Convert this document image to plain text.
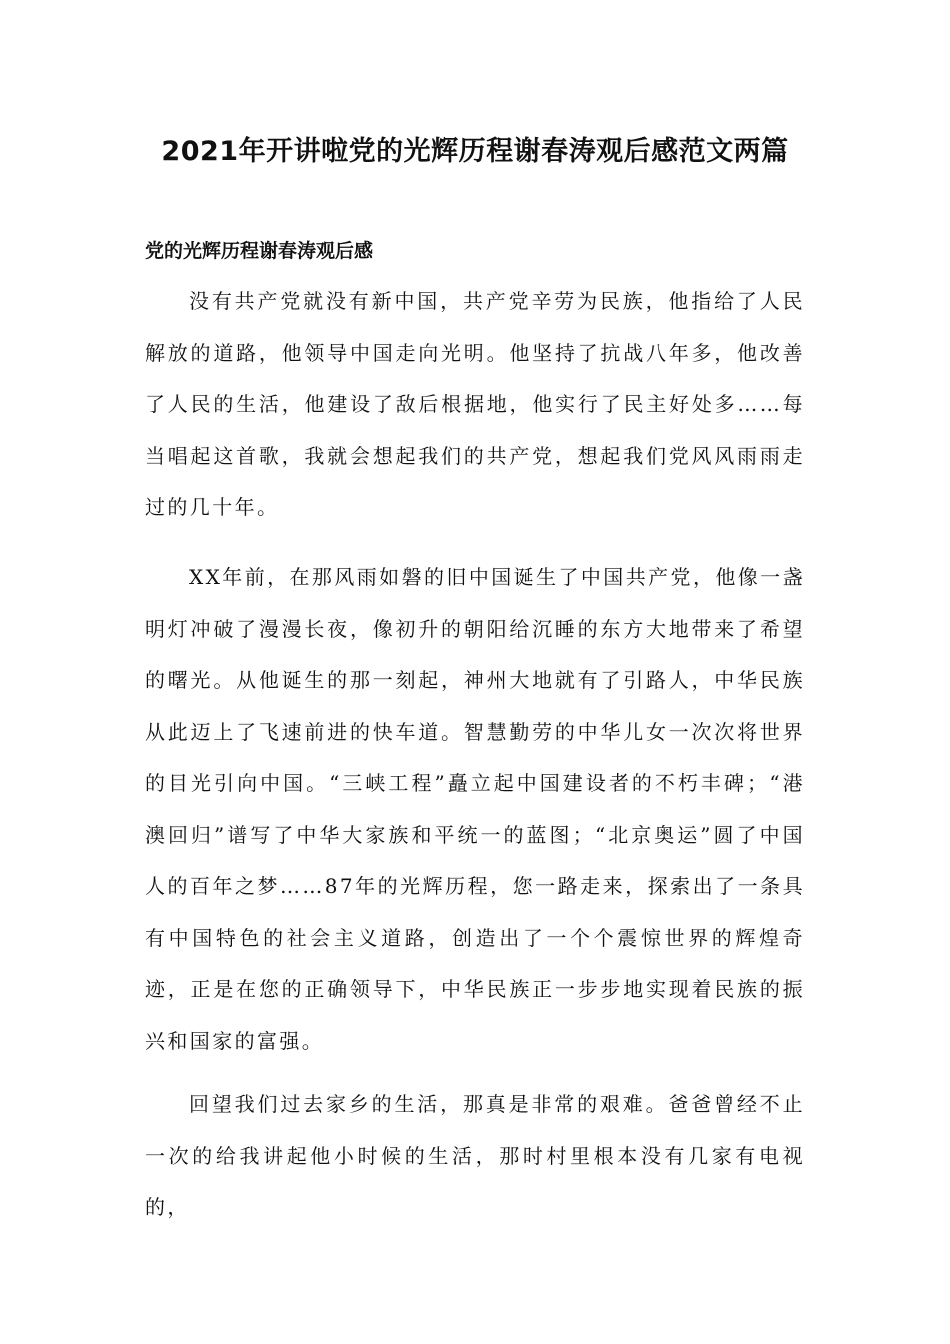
2021年开讲啦党的光辉历程谢春涛观后感范文两篇
党的光辉历程谢春涛观后感

没有共产党就没有新中国，共产党辛劳为民族，他指给了人民解放的道路，他领导中国走向光明。他坚持了抗战八年多，他改善了人民的生活，他建设了敌后根据地，他实行了民主好处多……每当唱起这首歌，我就会想起我们的共产党，想起我们党风风雨雨走过的几十年。

XX年前，在那风雨如磐的旧中国诞生了中国共产党，他像一盏明灯冲破了漫漫长夜，像初升的朝阳给沉睡的东方大地带来了希望的曙光。从他诞生的那一刻起，神州大地就有了引路人，中华民族从此迈上了飞速前进的快车道。智慧勤劳的中华儿女一次次将世界的目光引向中国。“三峡工程”矗立起中国建设者的不朽丰碑；“港澳回归”谱写了中华大家族和平统一的蓝图；“北京奥运”圆了中国人的百年之梦……87年的光辉历程，您一路走来，探索出了一条具有中国特色的社会主义道路，创造出了一个个震惊世界的辉煌奇迹，正是在您的正确领导下，中华民族正一步步地实现着民族的振兴和国家的富强。

回望我们过去家乡的生活，那真是非常的艰难。爸爸曾经不止一次的给我讲起他小时候的生活，那时村里根本没有几家有电视的，
